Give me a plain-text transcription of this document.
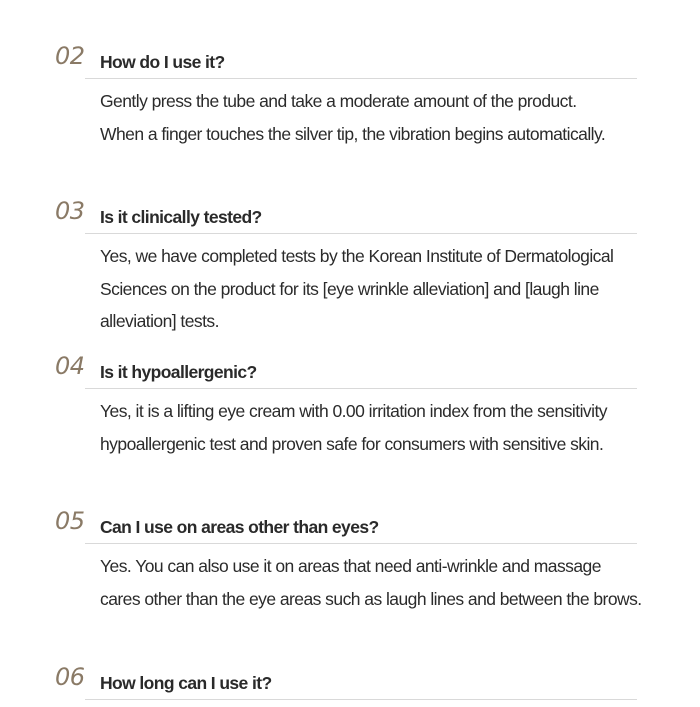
02 How do I use it?
Gently press the tube and take a moderate amount of the product.
When a finger touches the silver tip, the vibration begins automatically.
03 Is it clinically tested?
Yes, we have completed tests by the Korean Institute of Dermatological
Sciences on the product for its [eye wrinkle alleviation] and [laugh line
alleviation] tests.
04 Is it hypoallergenic?
Yes, it is a lifting eye cream with 0.00 irritation index from the sensitivity
hypoallergenic test and proven safe for consumers with sensitive skin.
05 Can I use on areas other than eyes?
Yes. You can also use it on areas that need anti-wrinkle and massage
cares other than the eye areas such as laugh lines and between the brows.
06 How long can I use it?
